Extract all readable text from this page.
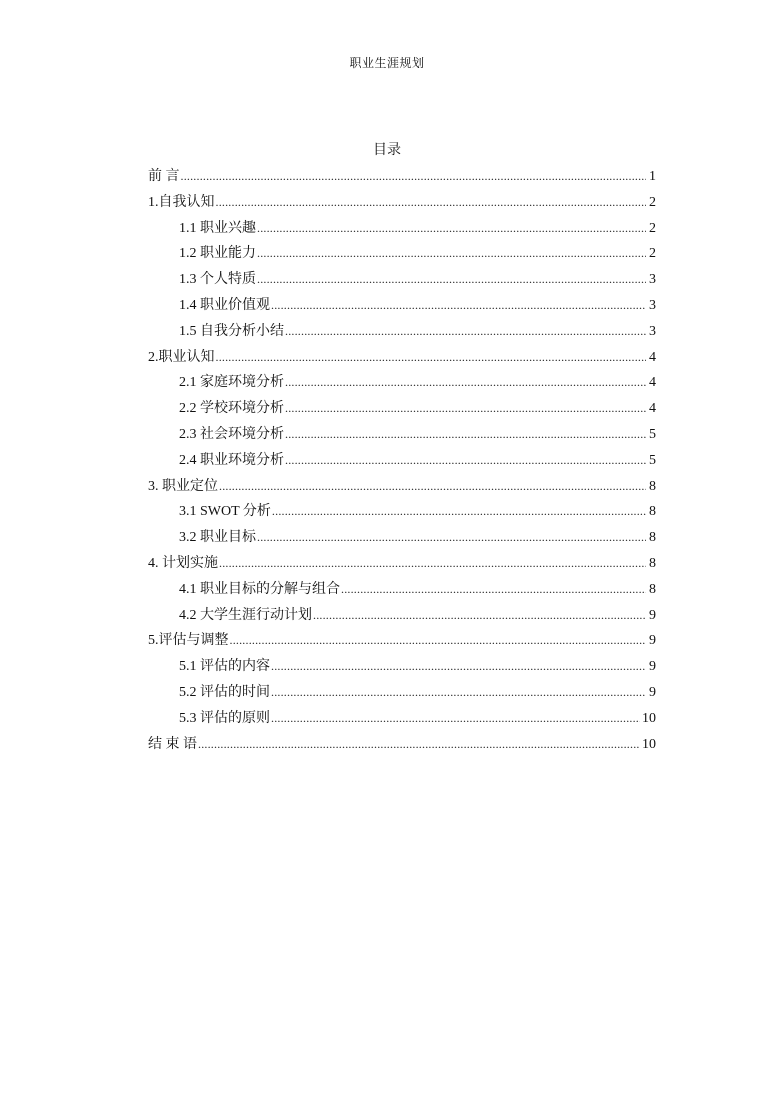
职业生涯规划
目录
前 言 .....	1
1.自我认知 .....	2
1.1 职业兴趣 .....	2
1.2 职业能力 .....	2
1.3 个人特质 .....	3
1.4 职业价值观 .....	3
1.5 自我分析小结 .....	3
2.职业认知 .....	4
2.1 家庭环境分析 .....	4
2.2 学校环境分析 .....	4
2.3 社会环境分析 .....	5
2.4 职业环境分析 .....	5
3. 职业定位 .....	8
3.1 SWOT 分析 .....	8
3.2 职业目标 .....	8
4. 计划实施 .....	8
4.1 职业目标的分解与组合 .....	8
4.2 大学生涯行动计划 .....	9
5.评估与调整 .....	9
5.1 评估的内容 .....	9
5.2 评估的时间 .....	9
5.3 评估的原则 .....	10
结 束 语 .....	10
